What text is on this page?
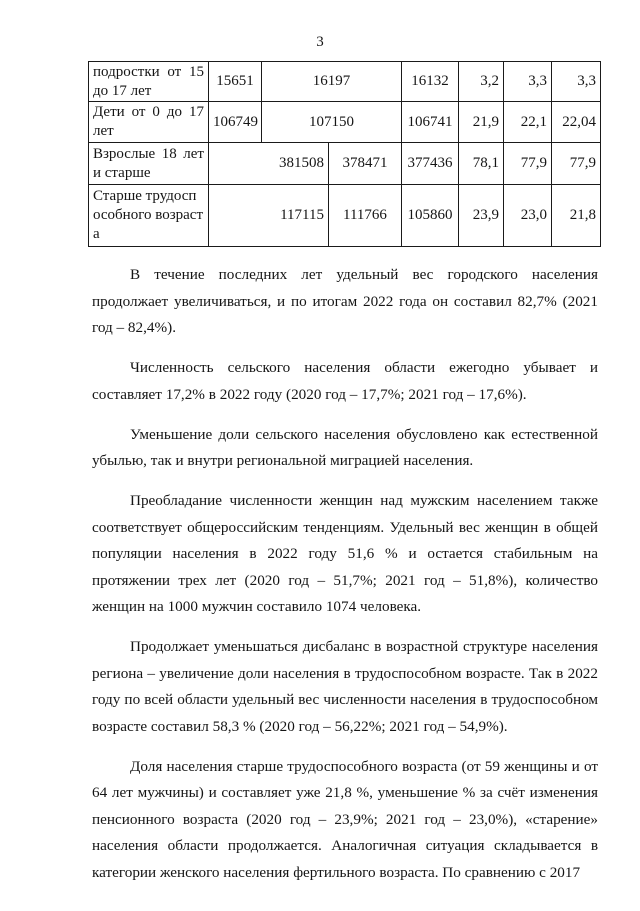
3
подростки от 15 до 17 лет	15651	16197		16132	3,2	3,3	3,3
Дети от 0 до 17 лет	106749	107150		106741	21,9	22,1	22,04
Взрослые 18 лет и старше	381508		378471	377436	78,1	77,9	77,9
Старше трудоспособного возраста	117115		111766	105860	23,9	23,0	21,8

В течение последних лет удельный вес городского населения продолжает увеличиваться, и по итогам 2022 года он составил 82,7% (2021 год – 82,4%).

Численность сельского населения области ежегодно убывает и составляет 17,2% в 2022 году (2020 год – 17,7%; 2021 год – 17,6%).

Уменьшение доли сельского населения обусловлено как естественной убылью, так и внутри региональной миграцией населения.

Преобладание численности женщин над мужским населением также соответствует общероссийским тенденциям. Удельный вес женщин в общей популяции населения в 2022 году 51,6 % и остается стабильным на протяжении трех лет (2020 год – 51,7%; 2021 год – 51,8%), количество женщин на 1000 мужчин составило 1074 человека.

Продолжает уменьшаться дисбаланс в возрастной структуре населения региона – увеличение доли населения в трудоспособном возрасте. Так в 2022 году по всей области удельный вес численности населения в трудоспособном возрасте составил 58,3 % (2020 год – 56,22%; 2021 год – 54,9%).

Доля населения старше трудоспособного возраста (от 59 женщины и от 64 лет мужчины) и составляет уже 21,8 %, уменьшение % за счёт изменения пенсионного возраста (2020 год – 23,9%; 2021 год – 23,0%), «старение» населения области продолжается. Аналогичная ситуация складывается в категории женского населения фертильного возраста. По сравнению с 2017
